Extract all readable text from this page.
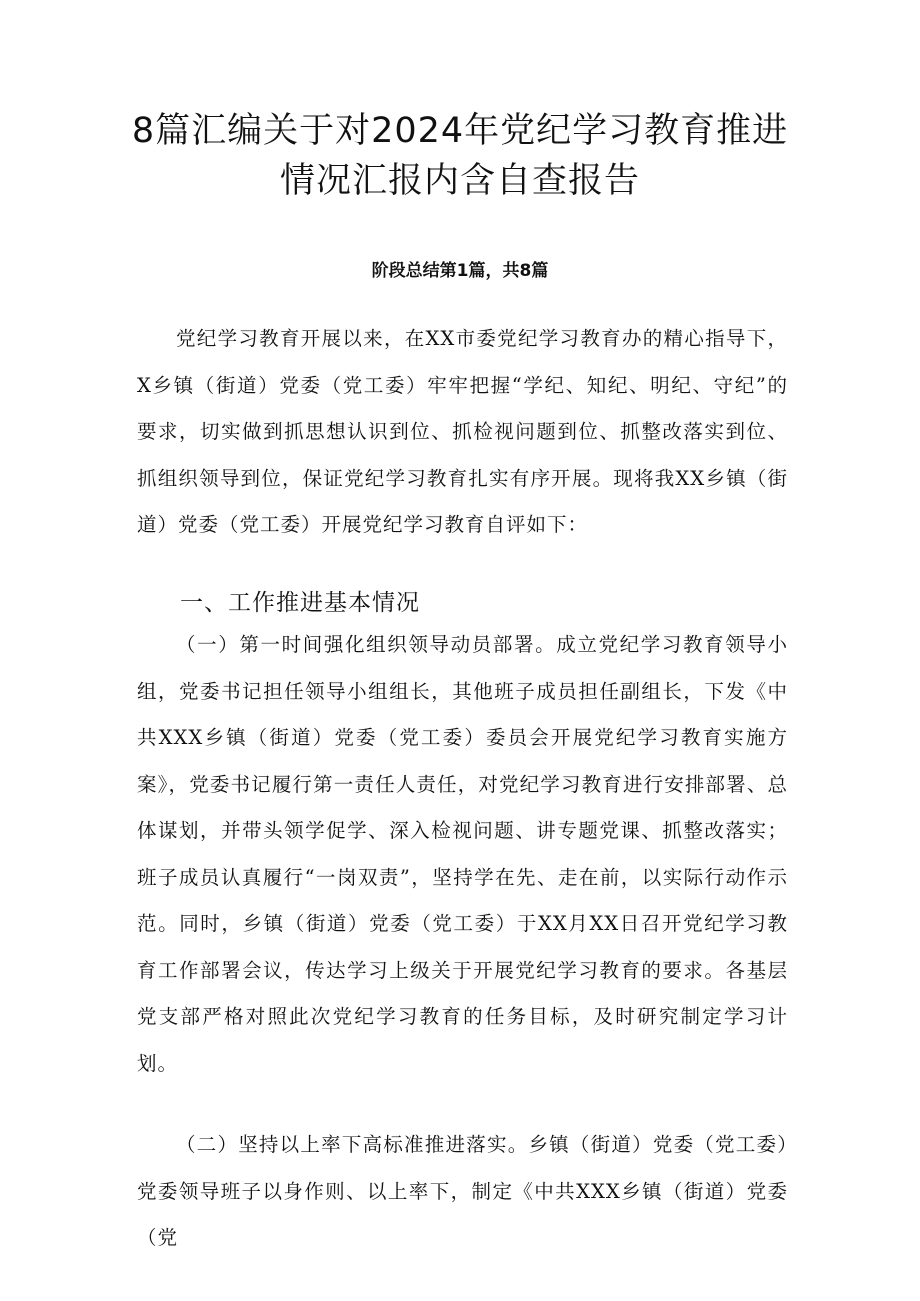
8篇汇编关于对2024年党纪学习教育推进
情况汇报内含自查报告
阶段总结第1篇，共8篇

党纪学习教育开展以来，在XX市委党纪学习教育办的精心指导下，X乡镇（街道）党委（党工委）牢牢把握“学纪、知纪、明纪、守纪”的要求，切实做到抓思想认识到位、抓检视问题到位、抓整改落实到位、抓组织领导到位，保证党纪学习教育扎实有序开展。现将我XX乡镇（街道）党委（党工委）开展党纪学习教育自评如下：

一、工作推进基本情况

（一）第一时间强化组织领导动员部署。成立党纪学习教育领导小组，党委书记担任领导小组组长，其他班子成员担任副组长，下发《中共XXX乡镇（街道）党委（党工委）委员会开展党纪学习教育实施方案》，党委书记履行第一责任人责任，对党纪学习教育进行安排部署、总体谋划，并带头领学促学、深入检视问题、讲专题党课、抓整改落实；班子成员认真履行“一岗双责”，坚持学在先、走在前，以实际行动作示范。同时，乡镇（街道）党委（党工委）于XX月XX日召开党纪学习教育工作部署会议，传达学习上级关于开展党纪学习教育的要求。各基层党支部严格对照此次党纪学习教育的任务目标，及时研究制定学习计划。

（二）坚持以上率下高标准推进落实。乡镇（街道）党委（党工委）党委领导班子以身作则、以上率下，制定《中共XXX乡镇（街道）党委（党
